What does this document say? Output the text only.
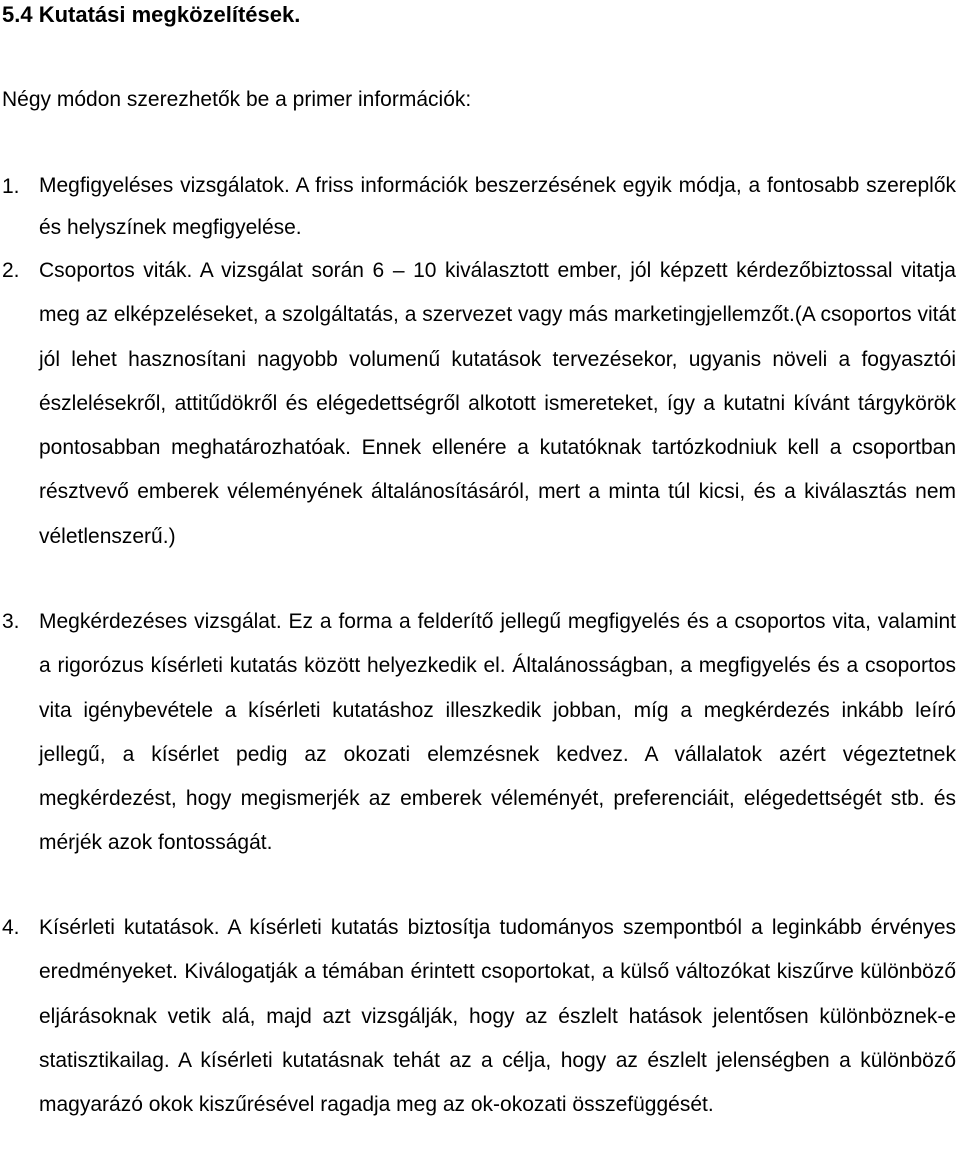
5.4 Kutatási megközelítések.

Négy módon szerezhetők be a primer információk:

1. Megfigyeléses vizsgálatok. A friss információk beszerzésének egyik módja, a fontosabb szereplők és helyszínek megfigyelése.
2. Csoportos viták. A vizsgálat során 6 – 10 kiválasztott ember, jól képzett kérdezőbiztossal vitatja meg az elképzeléseket, a szolgáltatás, a szervezet vagy más marketingjellemzőt.(A csoportos vitát jól lehet hasznosítani nagyobb volumenű kutatások tervezésekor, ugyanis növeli a fogyasztói észlelésekről, attitűdökről és elégedettségről alkotott ismereteket, így a kutatni kívánt tárgykörök pontosabban meghatározhatóak. Ennek ellenére a kutatóknak tartózkodniuk kell a csoportban résztvevő emberek véleményének általánosításáról, mert a minta túl kicsi, és a kiválasztás nem véletlenszerű.)
3. Megkérdezéses vizsgálat. Ez a forma a felderítő jellegű megfigyelés és a csoportos vita, valamint a rigorózus kísérleti kutatás között helyezkedik el. Általánosságban, a megfigyelés és a csoportos vita igénybevétele a kísérleti kutatáshoz illeszkedik jobban, míg a megkérdezés inkább leíró jellegű, a kísérlet pedig az okozati elemzésnek kedvez. A vállalatok azért végeztetnek megkérdezést, hogy megismerjék az emberek véleményét, preferenciáit, elégedettségét stb. és mérjék azok fontosságát.
4. Kísérleti kutatások. A kísérleti kutatás biztosítja tudományos szempontból a leginkább érvényes eredményeket. Kiválogatják a témában érintett csoportokat, a külső változókat kiszűrve különböző eljárásoknak vetik alá, majd azt vizsgálják, hogy az észlelt hatások jelentősen különböznek-e statisztikailag. A kísérleti kutatásnak tehát az a célja, hogy az észlelt jelenségben a különböző magyarázó okok kiszűrésével ragadja meg az ok-okozati összefüggését.
